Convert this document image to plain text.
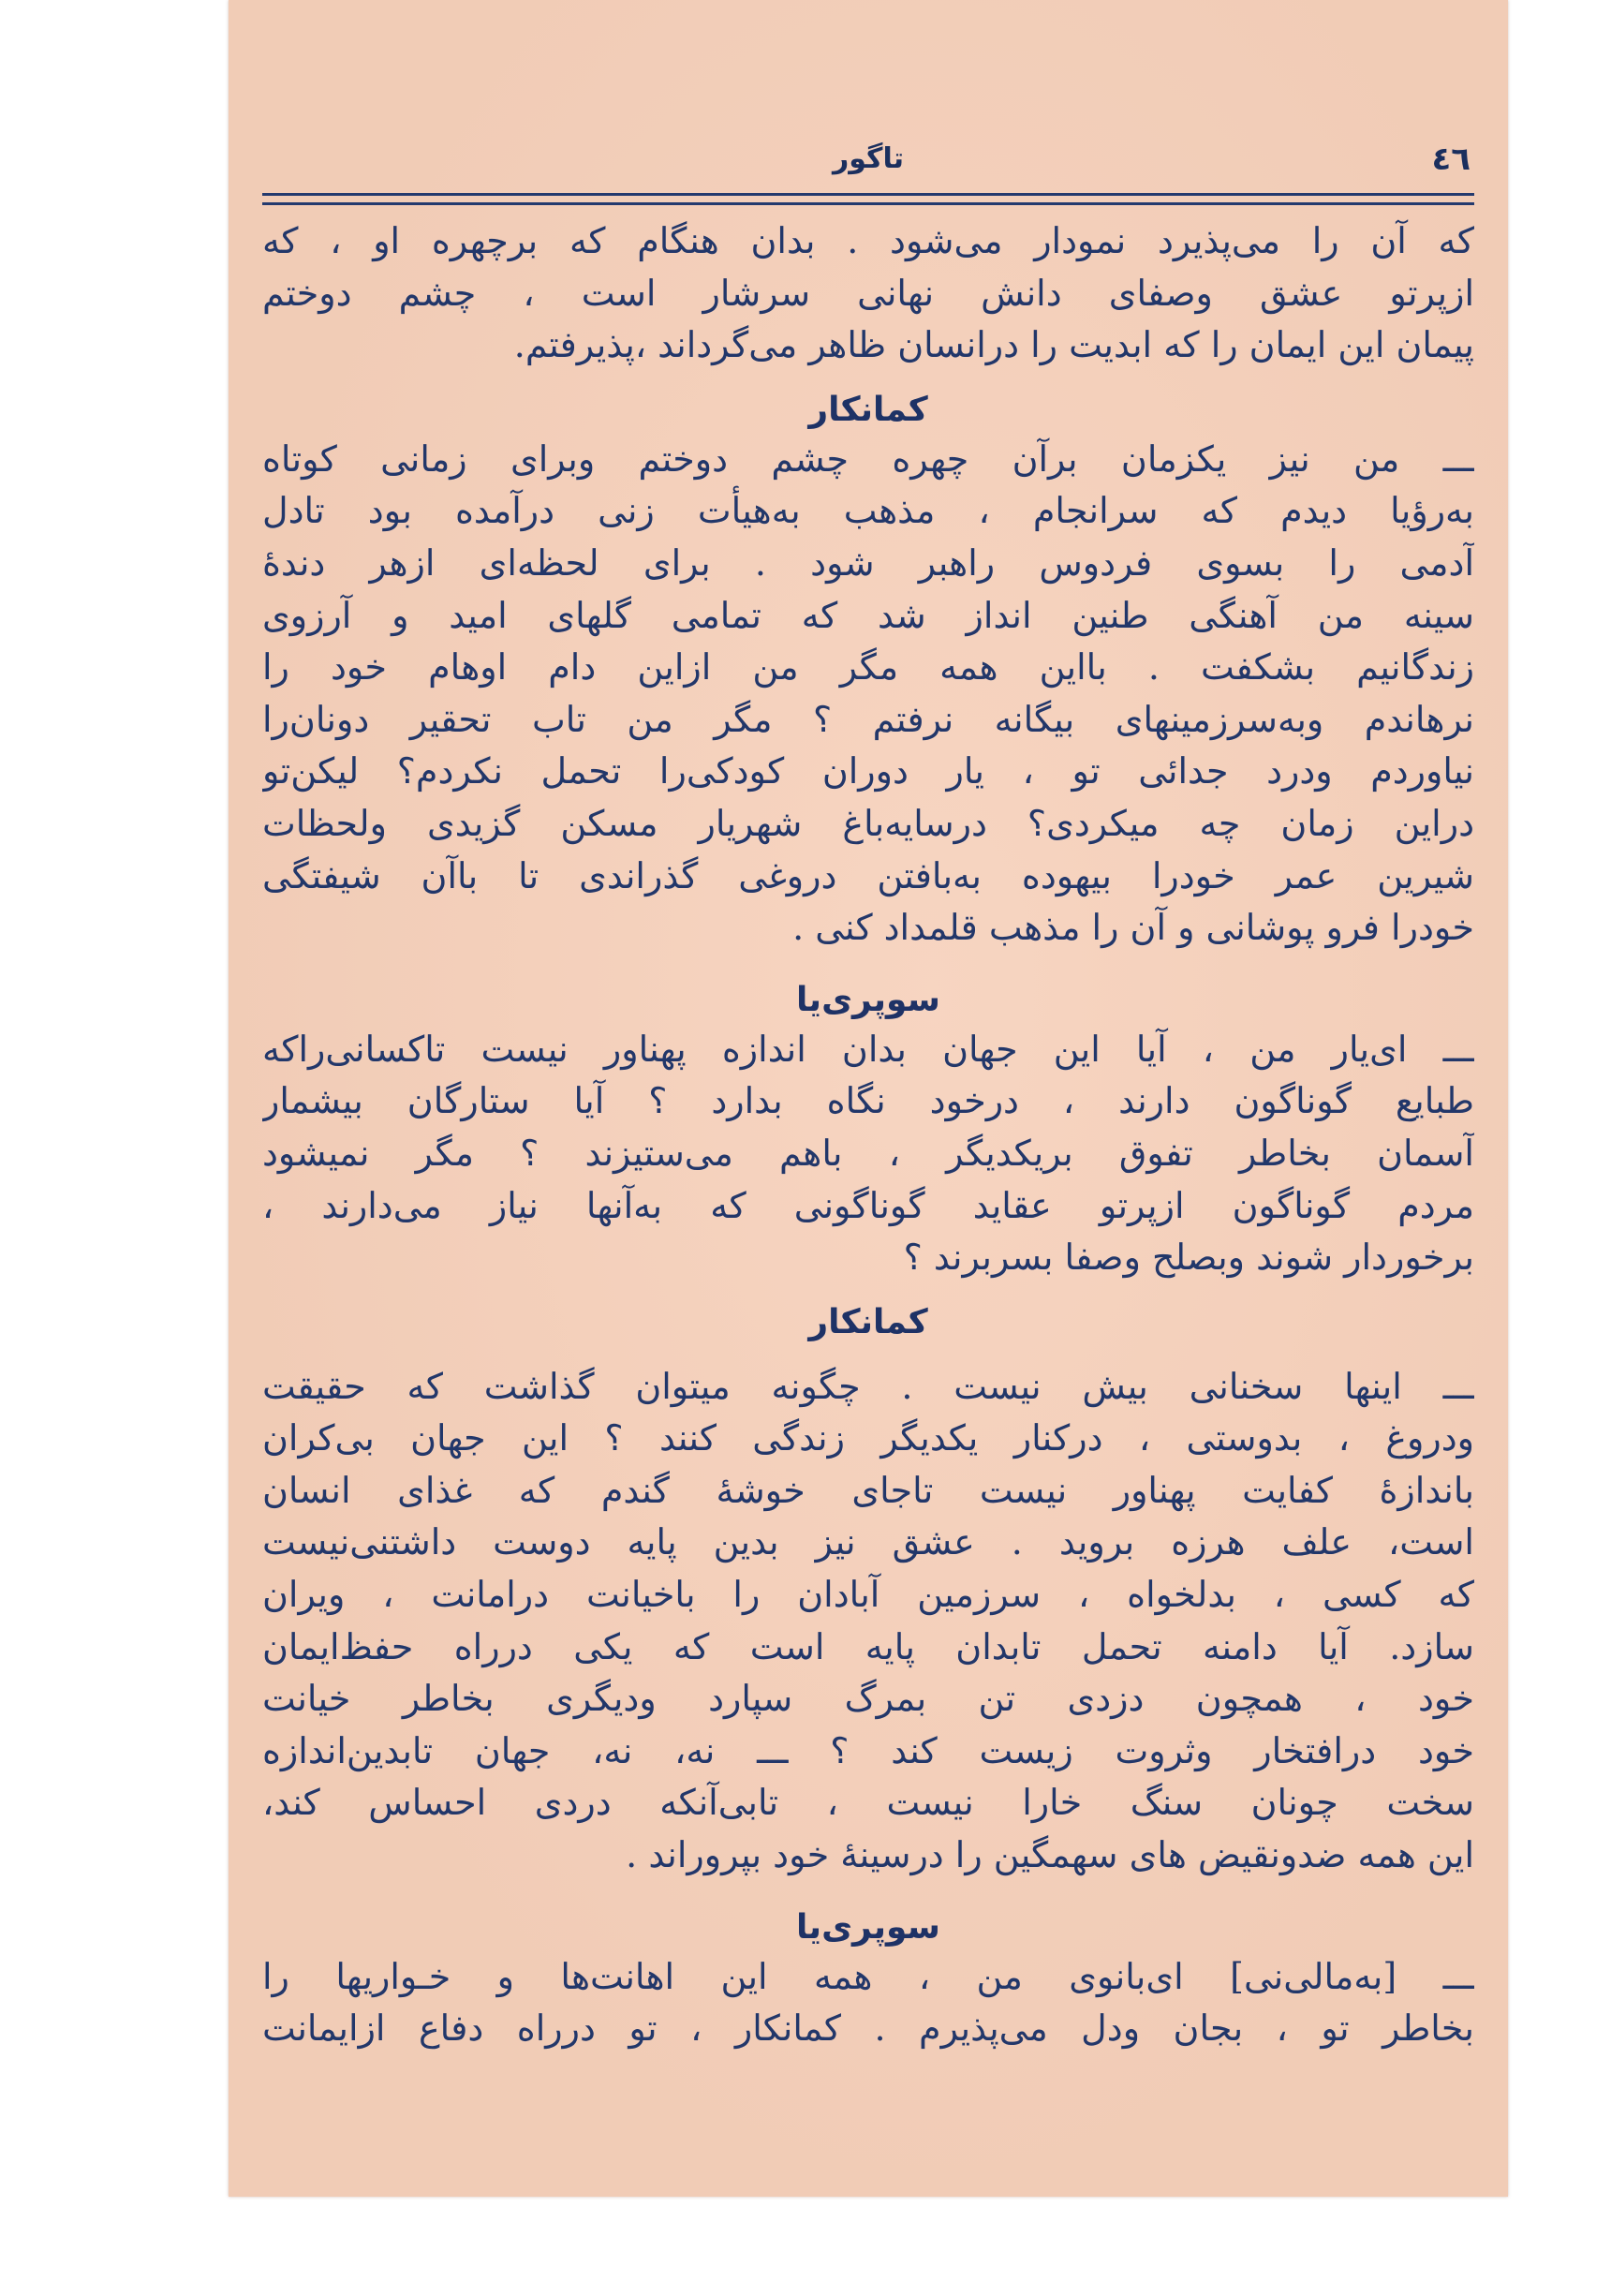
٤٦
تاگور
که آن را می‌پذیرد نمودار می‌شود . بدان هنگام که برچهره او ، که
ازپرتو عشق وصفای دانش نهانی سرشار است ، چشم دوختم
پیمان این ایمان را که ابدیت را درانسان ظاهر می‌گرداند ،پذیرفتم.
کمانکار
ـــ من نیز یکزمان برآن چهره چشم دوختم وبرای زمانی کوتاه
به‌رؤیا دیدم که سرانجام ، مذهب به‌هیأت زنی درآمده بود تادل
آدمی را بسوی فردوس راهبر شود . برای لحظه‌ای ازهر دندهٔ
سینه من آهنگی طنین انداز شد که تمامی گلهای امید و آرزوی
زندگانیم بشکفت . بااین همه مگر من ازاین دام اوهام خود را
نرهاندم وبه‌سرزمینهای بیگانه نرفتم ؟ مگر من تاب تحقیر دونان‌را
نیاوردم ودرد جدائی تو ، یار دوران کودکی‌را تحمل نکردم؟ لیکن‌تو
دراین زمان چه میکردی؟ درسایه‌باغ شهریار مسکن گزیدی ولحظات
شیرین عمر خودرا بیهوده به‌بافتن دروغی گذراندی تا باآن شیفتگی
خودرا فرو پوشانی و آن را مذهب قلمداد کنی .
سوپری‌یا
ـــ ای‌یار من ، آیا این جهان بدان اندازه پهناور نیست تاکسانی‌راکه
طبایع گوناگون دارند ، درخود نگاه بدارد ؟ آیا ستارگان بیشمار
آسمان بخاطر تفوق بریکدیگر ، باهم می‌ستیزند ؟ مگر نمیشود
مردم گوناگون ازپرتو عقاید گوناگونی که به‌آنها نیاز می‌دارند ،
برخوردار شوند وبصلح وصفا بسربرند ؟
کمانکار
ـــ اینها سخنانی بیش نیست . چگونه میتوان گذاشت که حقیقت
ودروغ ، بدوستی ، درکنار یکدیگر زندگی کنند ؟ این جهان بی‌کران
باندازهٔ کفایت پهناور نیست تاجای خوشهٔ گندم که غذای انسان
است، علف هرزه بروید . عشق نیز بدین پایه دوست داشتنی‌نیست
که کسی ، بدلخواه ، سرزمین آبادان را باخیانت درامانت ، ویران
سازد. آیا دامنه تحمل تابدان پایه است که یکی درراه حفظ‌ایمان
خود ، همچون دزدی تن بمرگ سپارد ودیگری بخاطر خیانت
خود درافتخار وثروت زیست کند ؟ ـــ نه، نه، جهان تابدین‌اندازه
سخت چونان سنگ خارا نیست ، تابی‌آنکه دردی احساس کند،
این همه ضدونقیض های سهمگین را درسینهٔ خود بپروراند .
سوپری‌یا
ـــ [به‌مالی‌نی] ای‌بانوی من ، همه این اهانت‌ها و خـواریها را
بخاطر تو ، بجان ودل می‌پذیرم . کمانکار ، تو درراه دفاع ازایمانت
